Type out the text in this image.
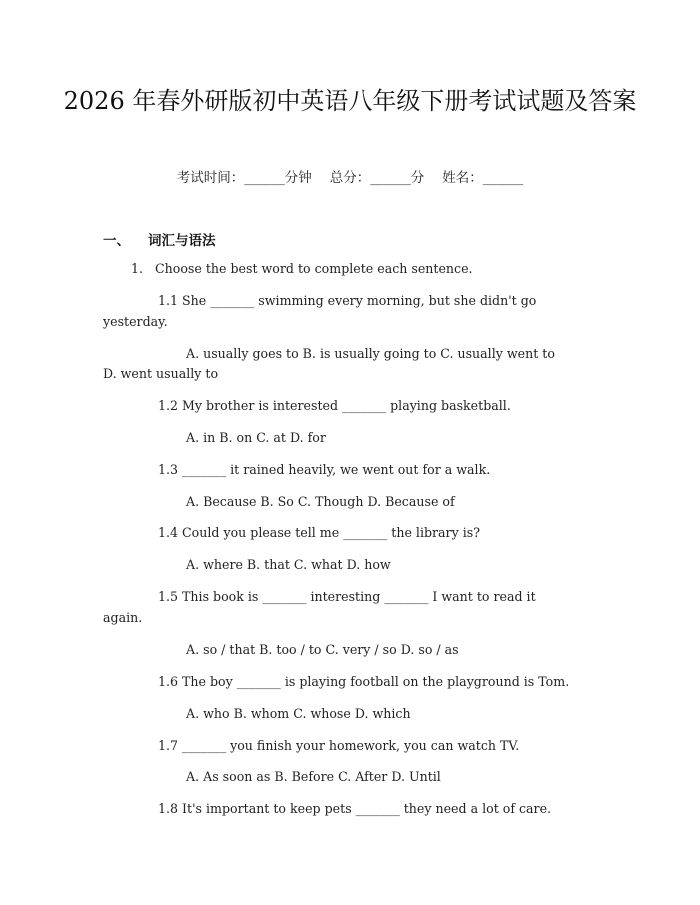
2026 年春外研版初中英语八年级下册考试试题及答案
考试时间：______分钟 总分：______分 姓名：______
一、 词汇与语法
1.   Choose the best word to complete each sentence.
1.1 She _______ swimming every morning, but she didn't go
yesterday.
A. usually goes to B. is usually going to C. usually went to
D. went usually to
1.2 My brother is interested _______ playing basketball.
A. in B. on C. at D. for
1.3 _______ it rained heavily, we went out for a walk.
A. Because B. So C. Though D. Because of
1.4 Could you please tell me _______ the library is?
A. where B. that C. what D. how
1.5 This book is _______ interesting _______ I want to read it
again.
A. so / that B. too / to C. very / so D. so / as
1.6 The boy _______ is playing football on the playground is Tom.
A. who B. whom C. whose D. which
1.7 _______ you finish your homework, you can watch TV.
A. As soon as B. Before C. After D. Until
1.8 It's important to keep pets _______ they need a lot of care.
